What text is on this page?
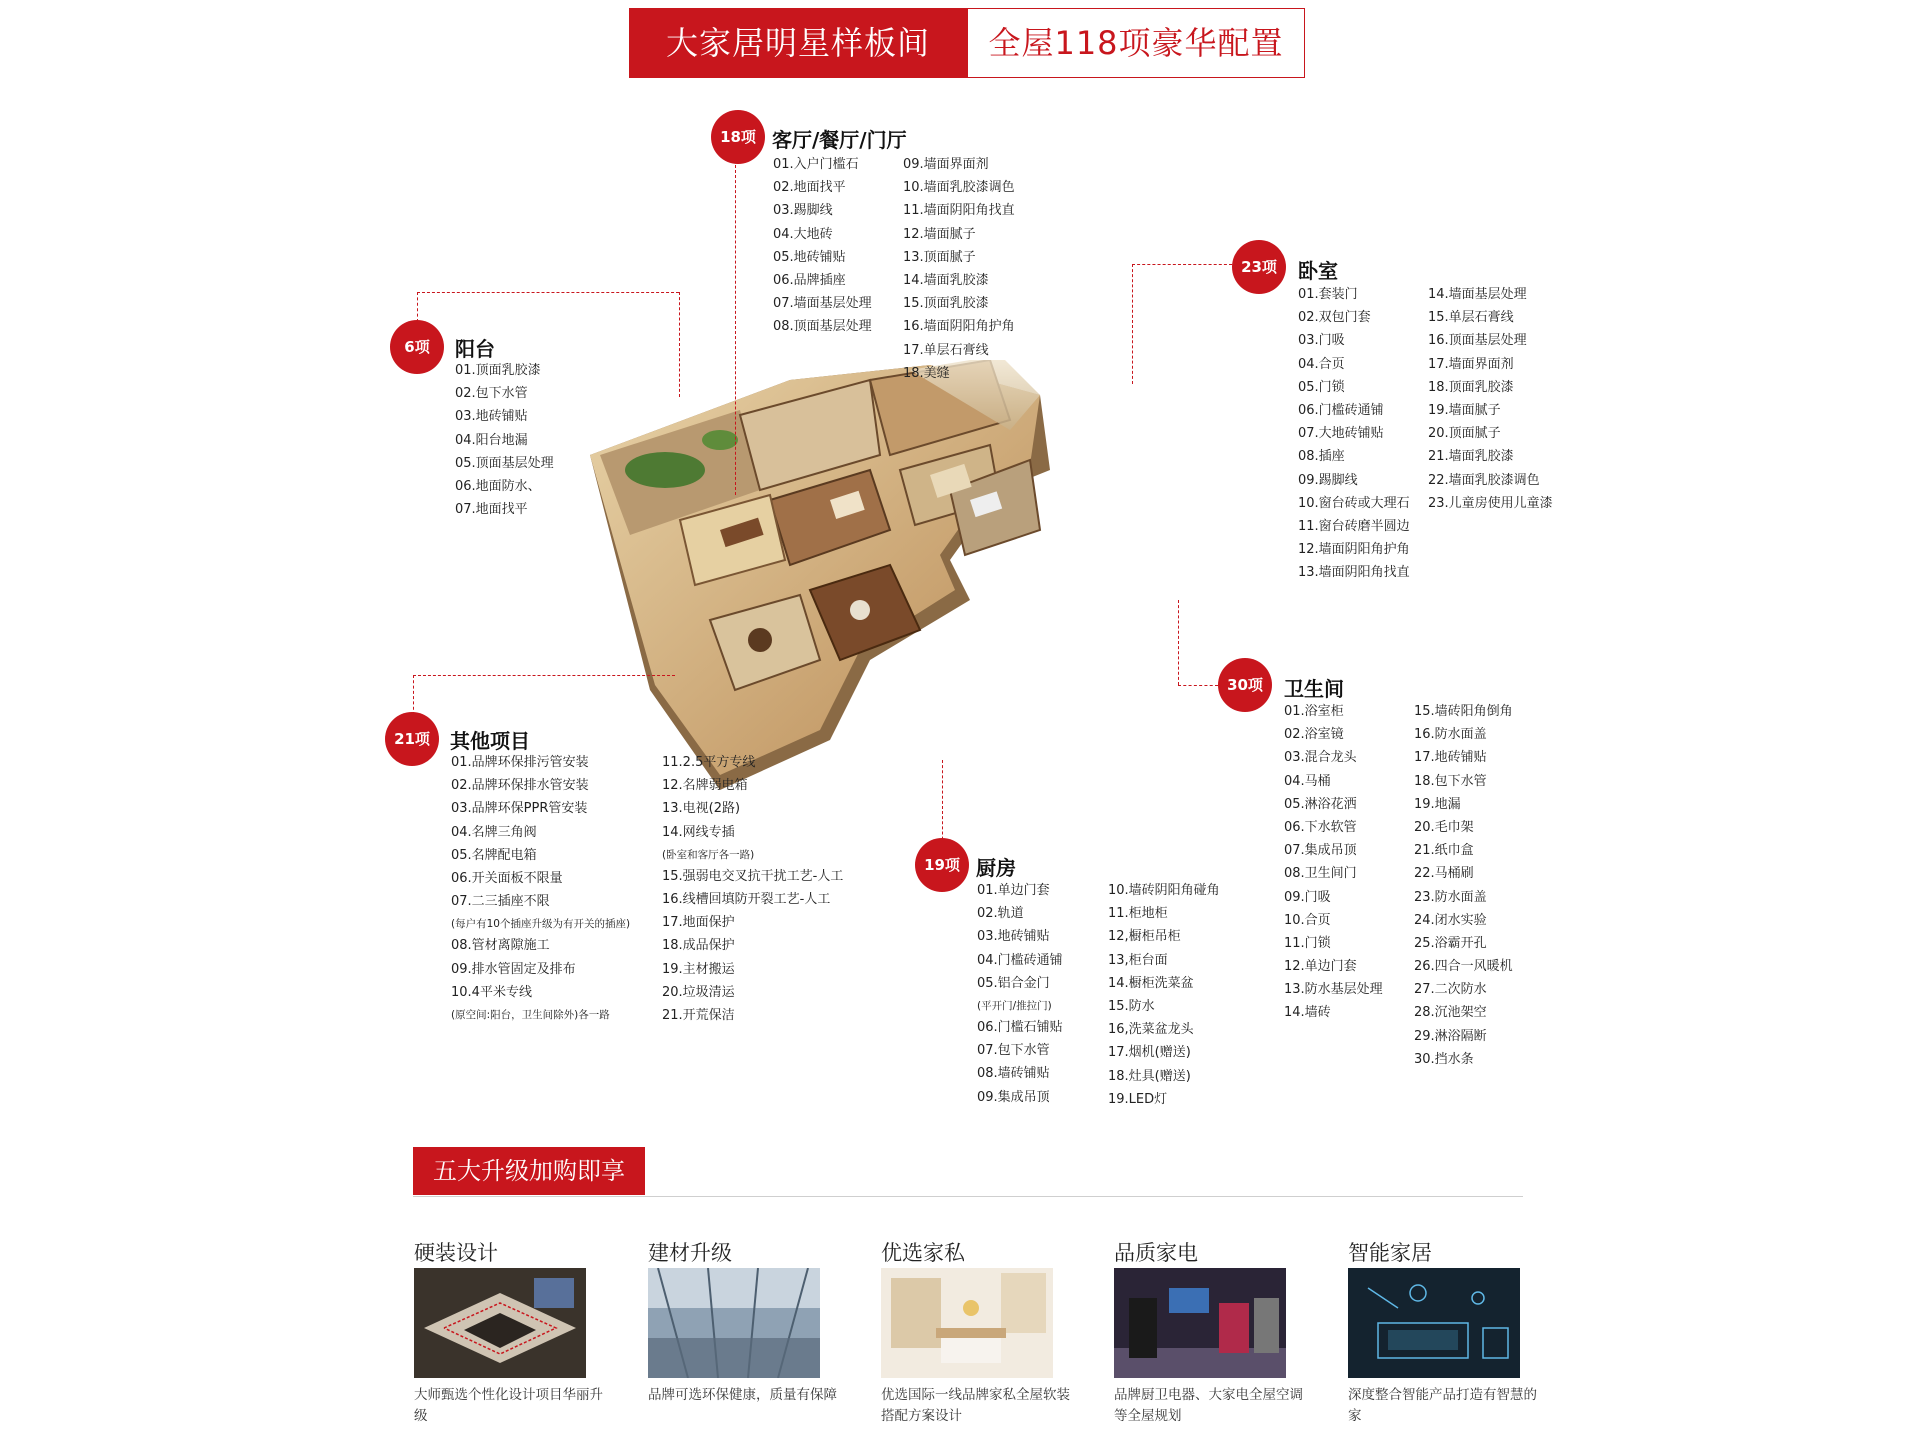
大家居明星样板间	全屋118项豪华配置
18项 客厅/餐厅/门厅
01.入户门槛石
02.地面找平
03.踢脚线
04.大地砖
05.地砖铺贴
06.品牌插座
07.墙面基层处理
08.顶面基层处理
09.墙面界面剂
10.墙面乳胶漆调色
11.墙面阴阳角找直
12.墙面腻子
13.顶面腻子
14.墙面乳胶漆
15.顶面乳胶漆
16.墙面阴阳角护角
17.单层石膏线
18.美缝
6项	阳台
01.顶面乳胶漆
02.包下水管
03.地砖铺贴
04.阳台地漏
05.顶面基层处理
06.地面防水、
07.地面找平
23项	卧室
01.套装门
02.双包门套
03.门吸
04.合页
05.门锁
06.门槛砖通铺
07.大地砖铺贴
08.插座
09.踢脚线
10.窗台砖或大理石
11.窗台砖磨半圆边
12.墙面阴阳角护角
13.墙面阴阳角找直
14.墙面基层处理
15.单层石膏线
16.顶面基层处理
17.墙面界面剂
18.顶面乳胶漆
19.墙面腻子
20.顶面腻子
21.墙面乳胶漆
22.墙面乳胶漆调色
23.儿童房使用儿童漆
30项	卫生间
01.浴室柜
02.浴室镜
03.混合龙头
04.马桶
05.淋浴花洒
06.下水软管
07.集成吊顶
08.卫生间门
09.门吸
10.合页
11.门锁
12.单边门套
13.防水基层处理
14.墙砖
15.墙砖阳角倒角
16.防水面盖
17.地砖铺贴
18.包下水管
19.地漏
20.毛巾架
21.纸巾盒
22.马桶刷
23.防水面盖
24.闭水实验
25.浴霸开孔
26.四合一风暖机
27.二次防水
28.沉池架空
29.淋浴隔断
30.挡水条
21项	其他项目
01.品牌环保排污管安装
02.品牌环保排水管安装
03.品牌环保PPR管安装
04.名牌三角阀
05.名牌配电箱
06.开关面板不限量
07.二三插座不限
(每户有10个插座升级为有开关的插座)
08.管材离隙施工
09.排水管固定及排布
10.4平米专线
(原空间:阳台，卫生间除外)各一路
11.2.5平方专线
12.名牌弱电箱
13.电视(2路)
14.网线专插
(卧室和客厅各一路)
15.强弱电交叉抗干扰工艺-人工
16.线槽回填防开裂工艺-人工
17.地面保护
18.成品保护
19.主材搬运
20.垃圾清运
21.开荒保洁
19项 厨房
01.单边门套
02.轨道
03.地砖铺贴
04.门槛砖通铺
05.铝合金门
(平开门/推拉门)
06.门槛石铺贴
07.包下水管
08.墙砖铺贴
09.集成吊顶
10.墙砖阴阳角碰角
11.柜地柜
12,橱柜吊柜
13,柜台面
14.橱柜洗菜盆
15.防水
16,洗菜盆龙头
17.烟机(赠送)
18.灶具(赠送)
19.LED灯
五大升级加购即享
硬装设计
大师甄选个性化设计项目华丽升级
建材升级
品牌可选环保健康，质量有保障
优选家私
优选国际一线品牌家私全屋软装搭配方案设计
品质家电
品牌厨卫电器、大家电全屋空调等全屋规划
智能家居
深度整合智能产品打造有智慧的家
